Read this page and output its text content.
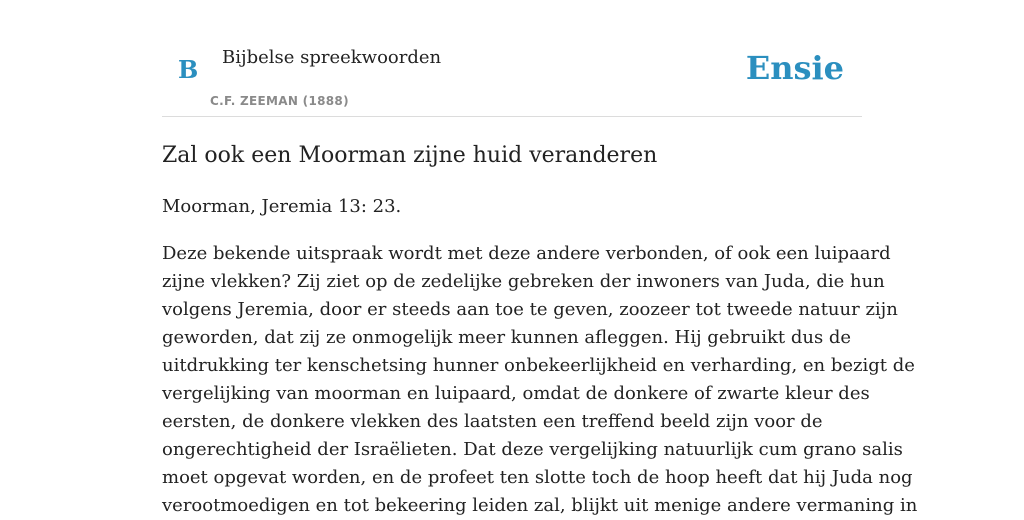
B Bijbelse spreekwoorden
C.F. ZEEMAN (1888)
Ensie
Zal ook een Moorman zijne huid veranderen

Moorman, Jeremia 13: 23.

Deze bekende uitspraak wordt met deze andere verbonden, of ook een luipaard
zijne vlekken? Zij ziet op de zedelijke gebreken der inwoners van Juda, die hun
volgens Jeremia, door er steeds aan toe te geven, zoozeer tot tweede natuur zijn
geworden, dat zij ze onmogelijk meer kunnen afleggen. Hij gebruikt dus de
uitdrukking ter kenschetsing hunner onbekeerlijkheid en verharding, en bezigt de
vergelijking van moorman en luipaard, omdat de donkere of zwarte kleur des
eersten, de donkere vlekken des laatsten een treffend beeld zijn voor de
ongerechtigheid der Israëlieten. Dat deze vergelijking natuurlijk cum grano salis
moet opgevat worden, en de profeet ten slotte toch de hoop heeft dat hij Juda nog
verootmoedigen en tot bekeering leiden zal, blijkt uit menige andere vermaning in
